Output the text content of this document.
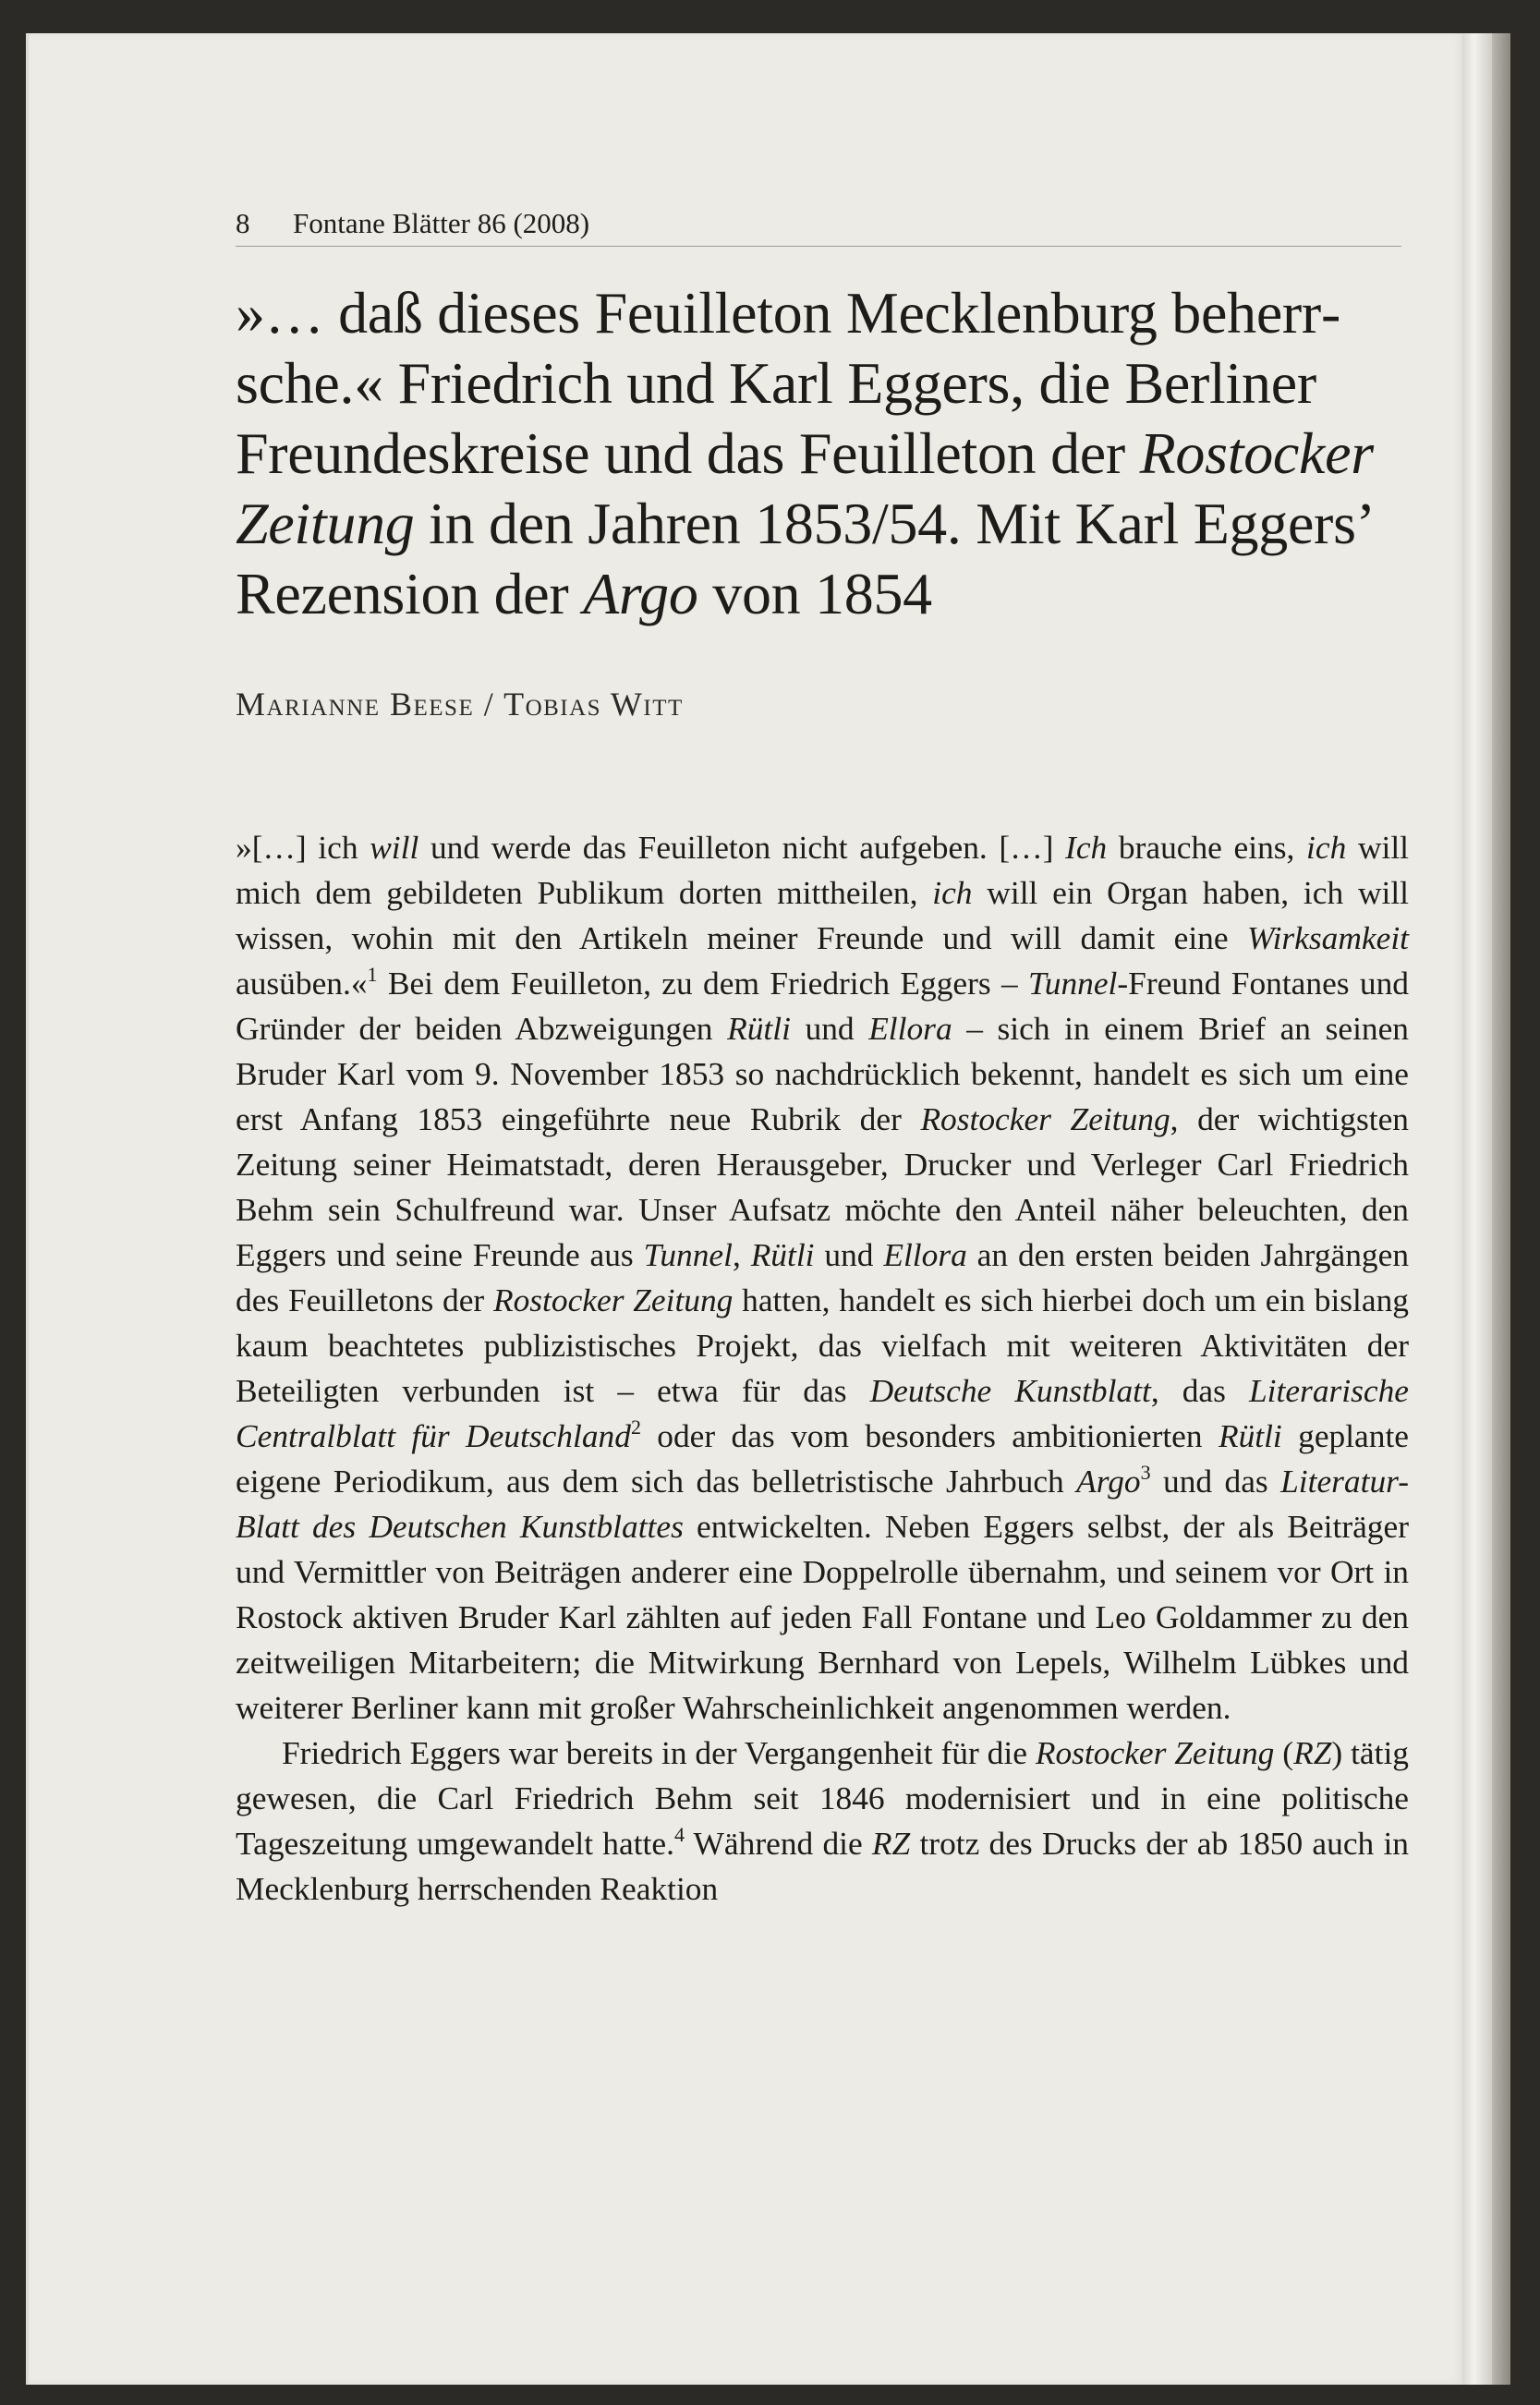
8 Fontane Blätter 86 (2008)
»… daß dieses Feuilleton Mecklenburg beherrsche.« Friedrich und Karl Eggers, die Berliner Freundeskreise und das Feuilleton der Rostocker Zeitung in den Jahren 1853/54. Mit Karl Eggers’ Rezension der Argo von 1854
Marianne Beese / Tobias Witt

»[…] ich will und werde das Feuilleton nicht aufgeben. […] Ich brauche eins, ich will mich dem gebildeten Publikum dorten mittheilen, ich will ein Organ haben, ich will wissen, wohin mit den Artikeln meiner Freunde und will damit eine Wirksamkeit ausüben.«$^1$ Bei dem Feuilleton, zu dem Friedrich Eggers – Tunnel-Freund Fontanes und Gründer der beiden Abzweigungen Rütli und Ellora – sich in einem Brief an seinen Bruder Karl vom 9. November 1853 so nachdrücklich bekennt, handelt es sich um eine erst Anfang 1853 eingeführte neue Rubrik der Rostocker Zeitung, der wichtigsten Zeitung seiner Heimatstadt, deren Herausgeber, Drucker und Verleger Carl Friedrich Behm sein Schulfreund war. Unser Aufsatz möchte den Anteil näher beleuchten, den Eggers und seine Freunde aus Tunnel, Rütli und Ellora an den ersten beiden Jahrgängen des Feuilletons der Rostocker Zeitung hatten, handelt es sich hierbei doch um ein bislang kaum beachtetes publizistisches Projekt, das vielfach mit weiteren Aktivitäten der Beteiligten verbunden ist – etwa für das Deutsche Kunstblatt, das Literarische Centralblatt für Deutschland$^2$ oder das vom besonders ambitionierten Rütli geplante eigene Periodikum, aus dem sich das belletristische Jahrbuch Argo$^3$ und das Literatur-Blatt des Deutschen Kunstblattes entwickelten. Neben Eggers selbst, der als Beiträger und Vermittler von Beiträgen anderer eine Doppelrolle übernahm, und seinem vor Ort in Rostock aktiven Bruder Karl zählten auf jeden Fall Fontane und Leo Goldammer zu den zeitweiligen Mitarbeitern; die Mitwirkung Bernhard von Lepels, Wilhelm Lübkes und weiterer Berliner kann mit großer Wahrscheinlichkeit angenommen werden.

Friedrich Eggers war bereits in der Vergangenheit für die Rostocker Zeitung (RZ) tätig gewesen, die Carl Friedrich Behm seit 1846 modernisiert und in eine politische Tageszeitung umgewandelt hatte.$^4$ Während die RZ trotz des Drucks der ab 1850 auch in Mecklenburg herrschenden Reaktion
